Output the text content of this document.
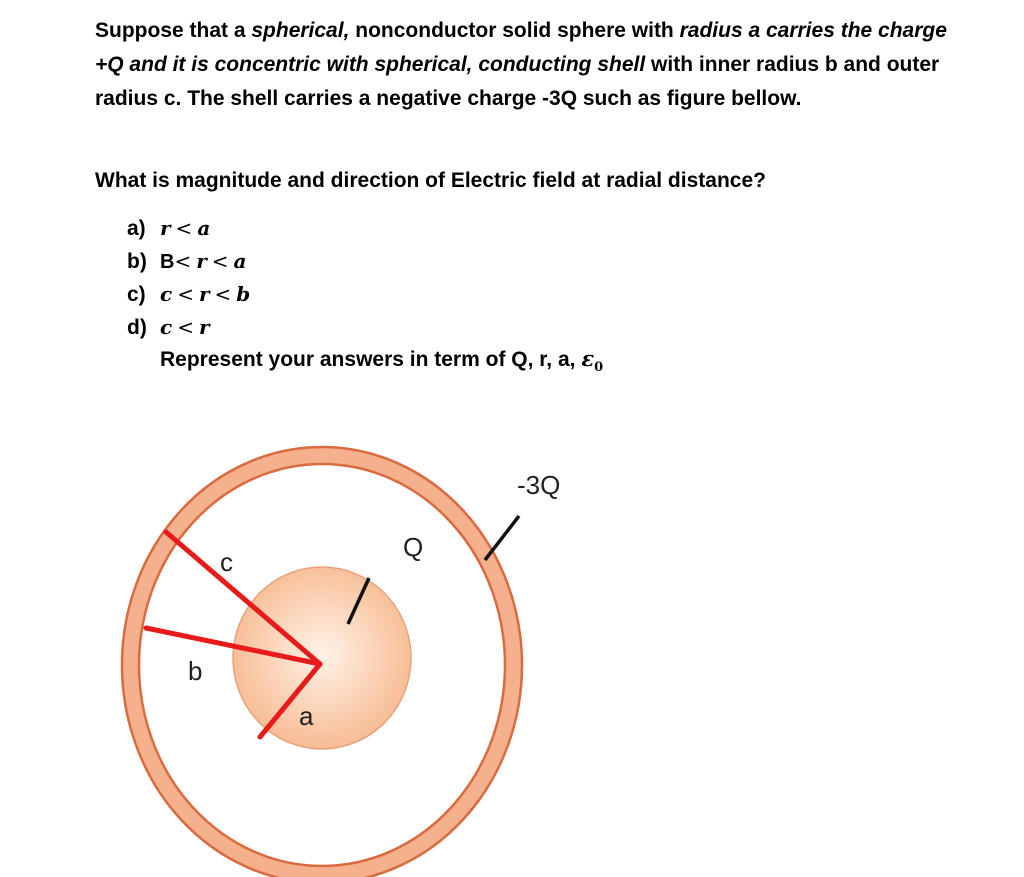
Suppose that a spherical, nonconductor solid sphere with radius a carries the charge +Q and it is concentric with spherical, conducting shell with inner radius b and outer radius c. The shell carries a negative charge -3Q such as figure bellow.

What is magnitude and direction of Electric field at radial distance?

a) r < a
b) B< r < a
c) c < r < b
d) c < r
Represent your answers in term of Q, r, a, $\varepsilon_0$
-3Q
Q
c
b
a
